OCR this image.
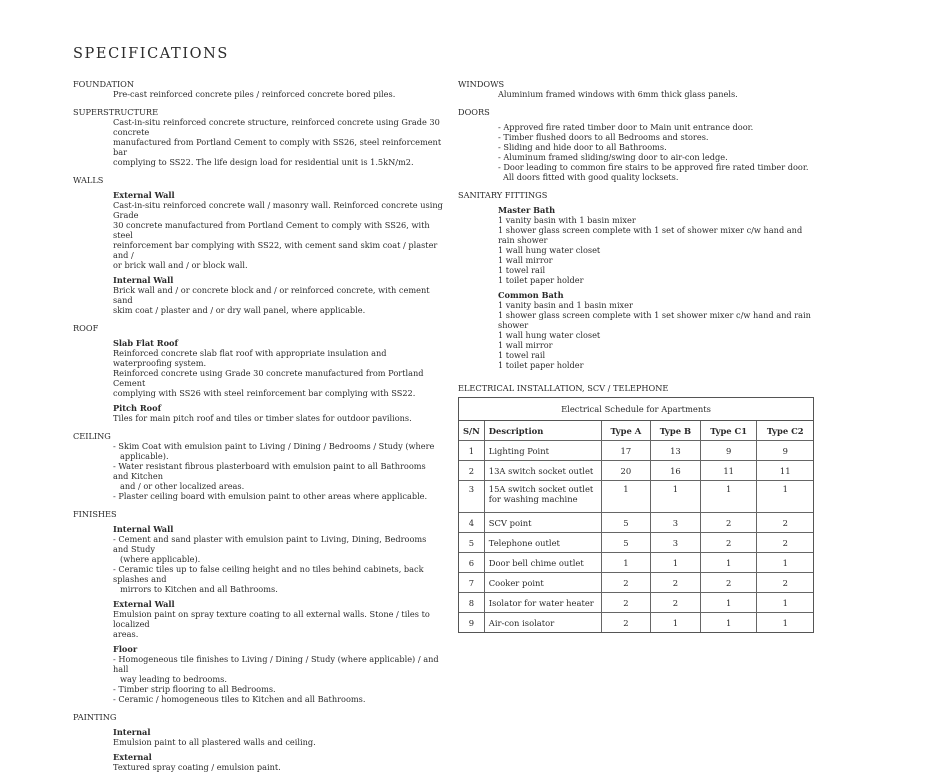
SPECIFICATIONS
FOUNDATION
Pre-cast reinforced concrete piles / reinforced concrete bored piles.
SUPERSTRUCTURE
Cast-in-situ reinforced concrete structure, reinforced concrete using Grade 30 concrete
manufactured from Portland Cement to comply with SS26, steel reinforcement bar
complying to SS22. The life design load for residential unit is 1.5kN/m2.
WALLS
External Wall
Cast-in-situ reinforced concrete wall / masonry wall. Reinforced concrete using Grade
30 concrete manufactured from Portland Cement to comply with SS26, with steel
reinforcement bar complying with SS22, with cement sand skim coat / plaster and /
or brick wall and / or block wall.
Internal Wall
Brick wall and / or concrete block and / or reinforced concrete, with cement sand
skim coat / plaster and / or dry wall panel, where applicable.
ROOF
Slab Flat Roof
Reinforced concrete slab flat roof with appropriate insulation and waterproofing system.
Reinforced concrete using Grade 30 concrete manufactured from Portland Cement
complying with SS26 with steel reinforcement bar complying with SS22.
Pitch Roof
Tiles for main pitch roof and tiles or timber slates for outdoor pavilions.
CEILING
- Skim Coat with emulsion paint to Living / Dining / Bedrooms / Study (where
applicable).
- Water resistant fibrous plasterboard with emulsion paint to all Bathrooms and Kitchen
and / or other localized areas.
- Plaster ceiling board with emulsion paint to other areas where applicable.
FINISHES
Internal Wall
- Cement and sand plaster with emulsion paint to Living, Dining, Bedrooms and Study
(where applicable).
- Ceramic tiles up to false ceiling height and no tiles behind cabinets, back splashes and
mirrors to Kitchen and all Bathrooms.
External Wall
Emulsion paint on spray texture coating to all external walls. Stone / tiles to localized
areas.
Floor
- Homogeneous tile finishes to Living / Dining / Study (where applicable) / and hall
way leading to bedrooms.
- Timber strip flooring to all Bedrooms.
- Ceramic / homogeneous tiles to Kitchen and all Bathrooms.
PAINTING
Internal
Emulsion paint to all plastered walls and ceiling.
External
Textured spray coating / emulsion paint.
WINDOWS
Aluminium framed windows with 6mm thick glass panels.
DOORS
- Approved fire rated timber door to Main unit entrance door.
- Timber flushed doors to all Bedrooms and stores.
- Sliding and hide door to all Bathrooms.
- Aluminum framed sliding/swing door to air-con ledge.
- Door leading to common fire stairs to be approved fire rated timber door.
All doors fitted with good quality locksets.
SANITARY FITTINGS
Master Bath
1 vanity basin with 1 basin mixer
1 shower glass screen complete with 1 set of shower mixer c/w hand and rain shower
1 wall hung water closet
1 wall mirror
1 towel rail
1 toilet paper holder
Common Bath
1 vanity basin and 1 basin mixer
1 shower glass screen complete with 1 set shower mixer c/w hand and rain shower
1 wall hung water closet
1 wall mirror
1 towel rail
1 toilet paper holder
ELECTRICAL INSTALLATION, SCV / TELEPHONE
Electrical Schedule for Apartments
S/N	Description	Type A	Type B	Type C1	Type C2
1	Lighting Point	17	13	9	9
2	13A switch socket outlet	20	16	11	11
3	15A switch socket outlet
for washing machine	1	1	1	1
4	SCV point	5	3	2	2
5	Telephone outlet	5	3	2	2
6	Door bell chime outlet	1	1	1	1
7	Cooker point	2	2	2	2
8	Isolator for water heater	2	2	1	1
9	Air-con isolator	2	1	1	1
